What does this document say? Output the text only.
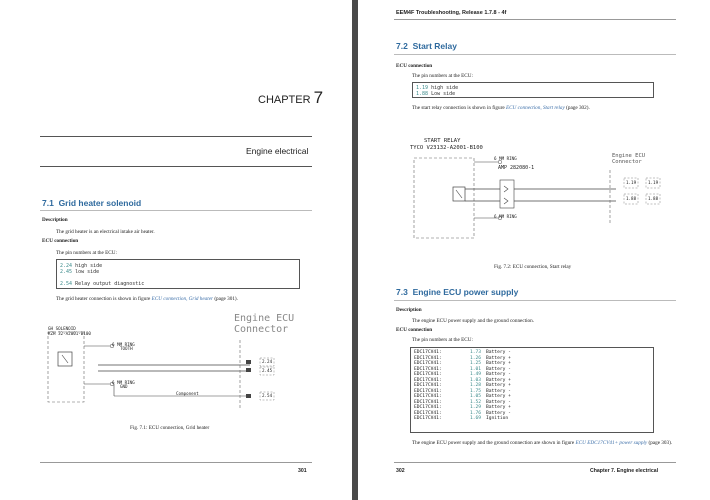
CHAPTER 7
Engine electrical
7.1 Grid heater solenoid
Description
The grid heater is an electrical intake air heater.
ECU connection
The pin numbers at the ECU:
2.24 high side
2.45 low side
2.54 Relay output diagnostic
The grid heater connection is shown in figure ECU connection, Grid heater (page 301).
GH SOLENOID
KZH 32-A2001-B100
6 MM RING
TOOTH
6 MM RING
GND
Component
Engine ECU
Connector
2.24
2.45
2.54
Fig. 7.1: ECU connection, Grid heater
301
EEM4F Troubleshooting, Release 1.7.8 - 4f
7.2 Start Relay
ECU connection
The pin numbers at the ECU:
1.19 high side
1.88 Low side
The start relay connection is shown in figure ECU connection, Start relay (page 302).
START RELAY
TYCO V23132-A2001-B100
6 MM RING
AMP 282080-1
6 MM RING
Engine ECU
Connector
1.19	1.19
1.88	1.88
Fig. 7.2: ECU connection, Start relay
7.3 Engine ECU power supply
Description
The engine ECU power supply and the ground connection.
ECU connection
The pin numbers at the ECU:
EDC17CV41:	1.73	Battery -
EDC17CV41:	1.26	Battery +
EDC17CV41:	1.25	Battery +
EDC17CV41:	1.01	Battery -
EDC17CV41:	1.49	Battery -
EDC17CV41:	1.03	Battery +
EDC17CV41:	1.28	Battery +
EDC17CV41:	1.75	Battery -
EDC17CV41:	1.05	Battery +
EDC17CV41:	1.52	Battery -
EDC17CV41:	1.29	Battery +
EDC17CV41:	1.76	Battery -
EDC17CV41:	1.69	Ignition
The engine ECU power supply and the ground connection are shown in figure ECU EDC17CV41+ power supply (page 303).
302	Chapter 7. Engine electrical
